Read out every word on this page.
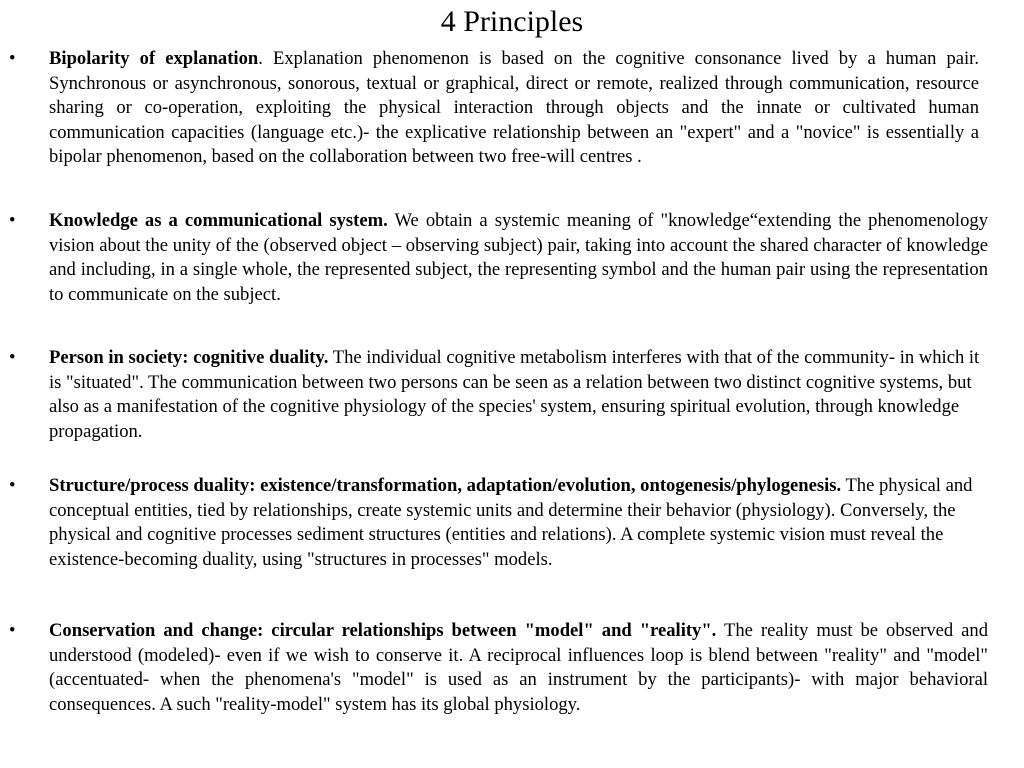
4 Principles
•	Bipolarity of explanation. Explanation phenomenon is based on the cognitive consonance lived by a human pair. Synchronous or asynchronous, sonorous, textual or graphical, direct or remote, realized through communication, resource sharing or co-operation, exploiting the physical interaction through objects and the innate or cultivated human communication capacities (language etc.)- the explicative relationship between an "expert" and a "novice" is essentially a bipolar phenomenon, based on the collaboration between two free-will centres .
•	Knowledge as a communicational system. We obtain a systemic meaning of "knowledge“extending the phenomenology vision about the unity of the (observed object – observing subject) pair, taking into account the shared character of knowledge and including, in a single whole, the represented subject, the representing symbol and the human pair using the representation to communicate on the subject.
•	Person in society: cognitive duality. The individual cognitive metabolism interferes with that of the community- in which it is "situated". The communication between two persons can be seen as a relation between two distinct cognitive systems, but also as a manifestation of the cognitive physiology of the species' system, ensuring spiritual evolution, through knowledge propagation.
•	Structure/process duality: existence/transformation, adaptation/evolution, ontogenesis/phylogenesis. The physical and conceptual entities, tied by relationships, create systemic units and determine their behavior (physiology). Conversely, the physical and cognitive processes sediment structures (entities and relations). A complete systemic vision must reveal the existence-becoming duality, using "structures in processes" models.
•	Conservation and change: circular relationships between "model" and "reality". The reality must be observed and understood (modeled)- even if we wish to conserve it. A reciprocal influences loop is blend between "reality" and "model" (accentuated- when the phenomena's "model" is used as an instrument by the participants)- with major behavioral consequences. A such "reality-model" system has its global physiology.
